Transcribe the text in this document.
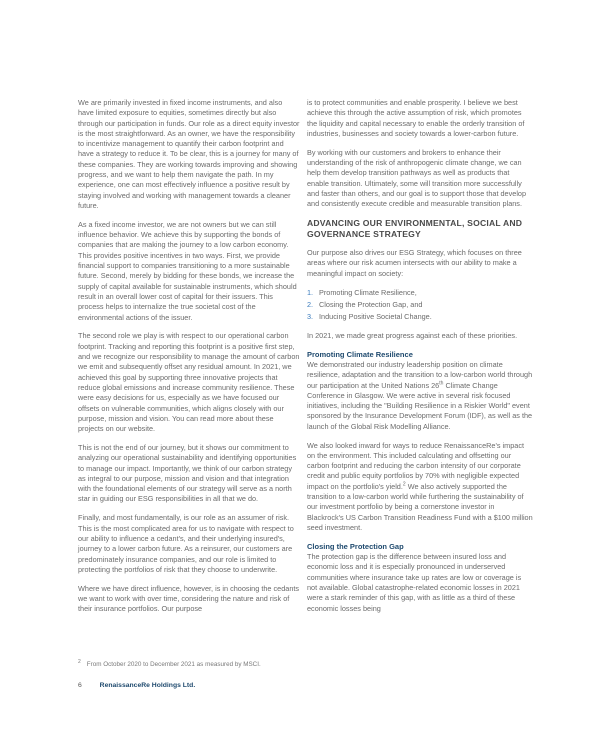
We are primarily invested in fixed income instruments, and also have limited exposure to equities, sometimes directly but also through our participation in funds. Our role as a direct equity investor is the most straightforward. As an owner, we have the responsibility to incentivize management to quantify their carbon footprint and have a strategy to reduce it. To be clear, this is a journey for many of these companies. They are working towards improving and showing progress, and we want to help them navigate the path. In my experience, one can most effectively influence a positive result by staying involved and working with management towards a cleaner future.

As a fixed income investor, we are not owners but we can still influence behavior. We achieve this by supporting the bonds of companies that are making the journey to a low carbon economy. This provides positive incentives in two ways. First, we provide financial support to companies transitioning to a more sustainable future. Second, merely by bidding for these bonds, we increase the supply of capital available for sustainable instruments, which should result in an overall lower cost of capital for their issuers. This process helps to internalize the true societal cost of the environmental actions of the issuer.

The second role we play is with respect to our operational carbon footprint. Tracking and reporting this footprint is a positive first step, and we recognize our responsibility to manage the amount of carbon we emit and subsequently offset any residual amount. In 2021, we achieved this goal by supporting three innovative projects that reduce global emissions and increase community resilience. These were easy decisions for us, especially as we have focused our offsets on vulnerable communities, which aligns closely with our purpose, mission and vision. You can read more about these projects on our website.

This is not the end of our journey, but it shows our commitment to analyzing our operational sustainability and identifying opportunities to manage our impact. Importantly, we think of our carbon strategy as integral to our purpose, mission and vision and that integration with the foundational elements of our strategy will serve as a north star in guiding our ESG responsibilities in all that we do.

Finally, and most fundamentally, is our role as an assumer of risk. This is the most complicated area for us to navigate with respect to our ability to influence a cedant's, and their underlying insured's, journey to a lower carbon future. As a reinsurer, our customers are predominately insurance companies, and our role is limited to protecting the portfolios of risk that they choose to underwrite.

Where we have direct influence, however, is in choosing the cedants we want to work with over time, considering the nature and risk of their insurance portfolios. Our purpose

is to protect communities and enable prosperity. I believe we best achieve this through the active assumption of risk, which promotes the liquidity and capital necessary to enable the orderly transition of industries, businesses and society towards a lower-carbon future.

By working with our customers and brokers to enhance their understanding of the risk of anthropogenic climate change, we can help them develop transition pathways as well as products that enable transition. Ultimately, some will transition more successfully and faster than others, and our goal is to support those that develop and consistently execute credible and measurable transition plans.

ADVANCING OUR ENVIRONMENTAL, SOCIAL AND GOVERNANCE STRATEGY

Our purpose also drives our ESG Strategy, which focuses on three areas where our risk acumen intersects with our ability to make a meaningful impact on society:

1. Promoting Climate Resilience,
2. Closing the Protection Gap, and
3. Inducing Positive Societal Change.

In 2021, we made great progress against each of these priorities.

Promoting Climate Resilience

We demonstrated our industry leadership position on climate resilience, adaptation and the transition to a low-carbon world through our participation at the United Nations 26th Climate Change Conference in Glasgow. We were active in several risk focused initiatives, including the "Building Resilience in a Riskier World" event sponsored by the Insurance Development Forum (IDF), as well as the launch of the Global Risk Modelling Alliance.

We also looked inward for ways to reduce RenaissanceRe's impact on the environment. This included calculating and offsetting our carbon footprint and reducing the carbon intensity of our corporate credit and public equity portfolios by 70% with negligible expected impact on the portfolio's yield.$^2$ We also actively supported the transition to a low-carbon world while furthering the sustainability of our investment portfolio by being a cornerstone investor in Blackrock's US Carbon Transition Readiness Fund with a $100 million seed investment.

Closing the Protection Gap

The protection gap is the difference between insured loss and economic loss and it is especially pronounced in underserved communities where insurance take up rates are low or coverage is not available. Global catastrophe-related economic losses in 2021 were a stark reminder of this gap, with as little as a third of these economic losses being

$^2$ From October 2020 to December 2021 as measured by MSCI.
6	RenaissanceRe Holdings Ltd.
